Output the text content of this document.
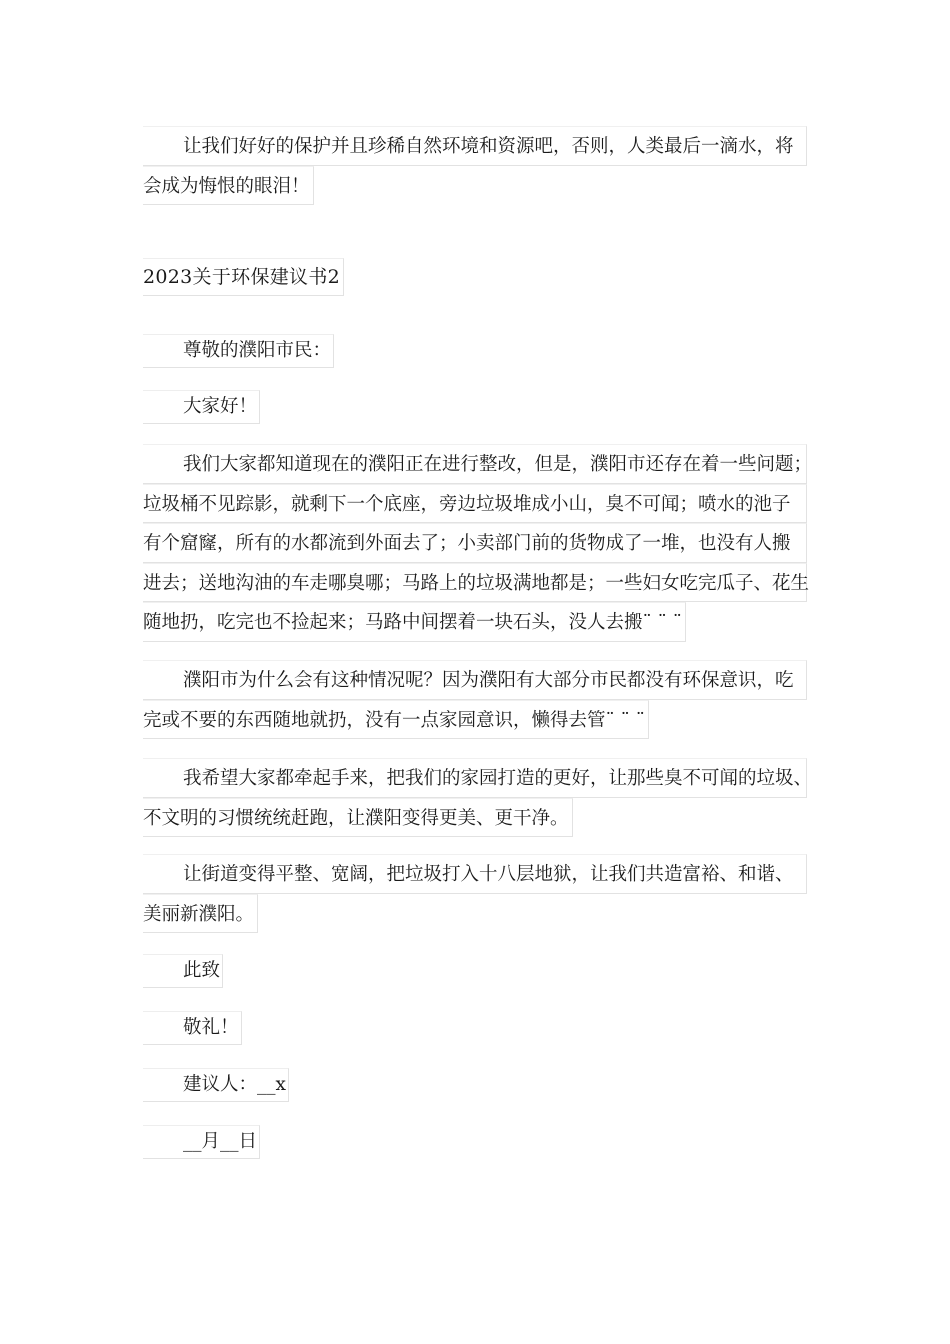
让我们好好的保护并且珍稀自然环境和资源吧，否则，人类最后一滴水，将
会成为悔恨的眼泪！
2023关于环保建议书2
尊敬的濮阳市民：
大家好！
我们大家都知道现在的濮阳正在进行整改，但是，濮阳市还存在着一些问题；
垃圾桶不见踪影，就剩下一个底座，旁边垃圾堆成小山，臭不可闻；喷水的池子
有个窟窿，所有的水都流到外面去了；小卖部门前的货物成了一堆，也没有人搬
进去；送地沟油的车走哪臭哪；马路上的垃圾满地都是；一些妇女吃完瓜子、花生
随地扔，吃完也不捡起来；马路中间摆着一块石头，没人去搬¨ ¨ ¨
濮阳市为什么会有这种情况呢？因为濮阳有大部分市民都没有环保意识，吃
完或不要的东西随地就扔，没有一点家园意识，懒得去管¨ ¨ ¨
我希望大家都牵起手来，把我们的家园打造的更好，让那些臭不可闻的垃圾、
不文明的习惯统统赶跑，让濮阳变得更美、更干净。
让街道变得平整、宽阔，把垃圾打入十八层地狱，让我们共造富裕、和谐、
美丽新濮阳。
此致
敬礼！
建议人：__x
__月__日
